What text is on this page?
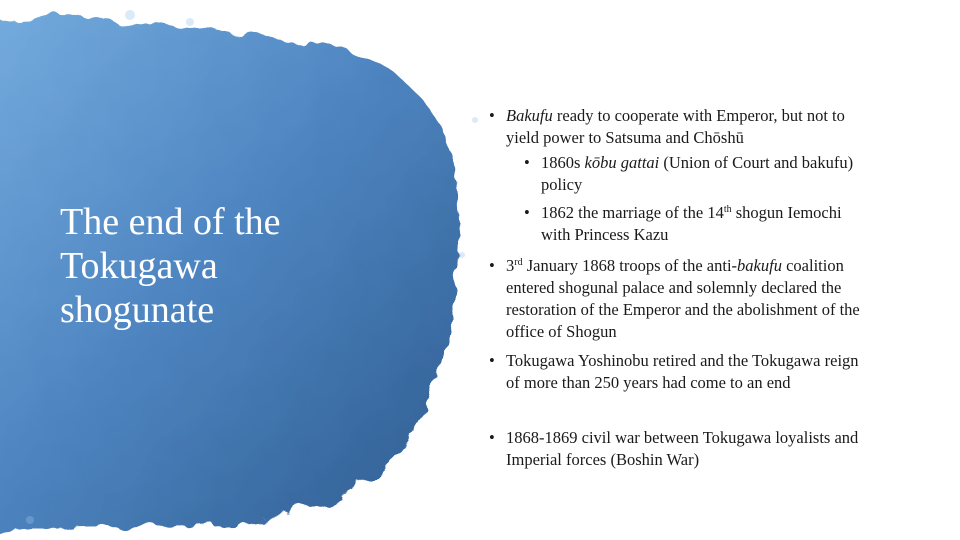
The end of the Tokugawa shogunate
• Bakufu ready to cooperate with Emperor, but not to yield power to Satsuma and Chōshū
• 1860s kōbu gattai (Union of Court and bakufu) policy
• 1862 the marriage of the 14th shogun Iemochi with Princess Kazu
• 3rd January 1868 troops of the anti-bakufu coalition entered shogunal palace and solemnly declared the restoration of the Emperor and the abolishment of the office of Shogun
• Tokugawa Yoshinobu retired and the Tokugawa reign of more than 250 years had come to an end
• 1868-1869 civil war between Tokugawa loyalists and Imperial forces (Boshin War)
